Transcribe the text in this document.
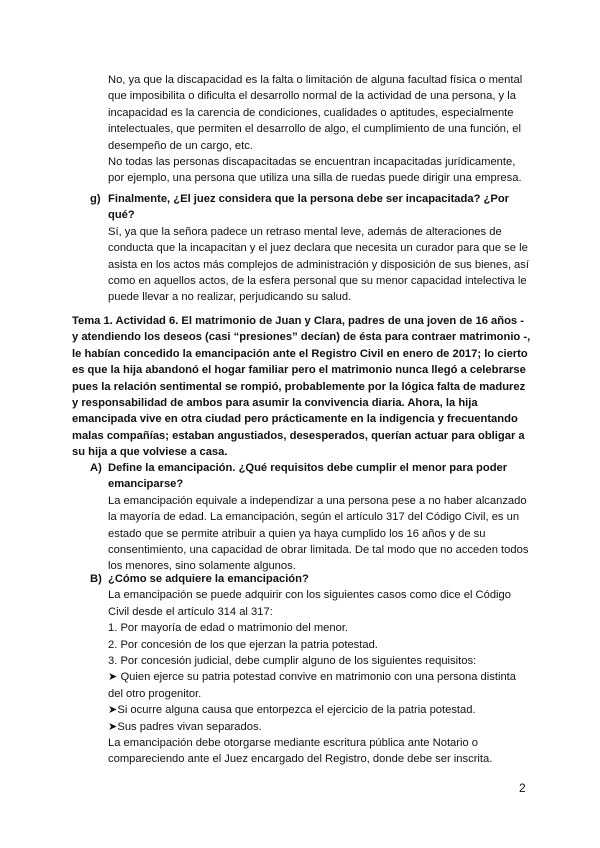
No, ya que la discapacidad es la falta o limitación de alguna facultad física o mental
que imposibilita o dificulta el desarrollo normal de la actividad de una persona, y la
incapacidad es la carencia de condiciones, cualidades o aptitudes, especialmente
intelectuales, que permiten el desarrollo de algo, el cumplimiento de una función, el
desempeño de un cargo, etc.
No todas las personas discapacitadas se encuentran incapacitadas jurídicamente,
por ejemplo, una persona que utiliza una silla de ruedas puede dirigir una empresa.
g) Finalmente, ¿El juez considera que la persona debe ser incapacitada? ¿Por
qué?
Sí, ya que la señora padece un retraso mental leve, además de alteraciones de
conducta que la incapacitan y el juez declara que necesita un curador para que se le
asista en los actos más complejos de administración y disposición de sus bienes, así
como en aquellos actos, de la esfera personal que su menor capacidad intelectiva le
puede llevar a no realizar, perjudicando su salud.
Tema 1. Actividad 6. El matrimonio de Juan y Clara, padres de una joven de 16 años -
y atendiendo los deseos (casi “presiones” decían) de ésta para contraer matrimonio -,
le habían concedido la emancipación ante el Registro Civil en enero de 2017; lo cierto
es que la hija abandonó el hogar familiar pero el matrimonio nunca llegó a celebrarse
pues la relación sentimental se rompió, probablemente por la lógica falta de madurez
y responsabilidad de ambos para asumir la convivencia diaria. Ahora, la hija
emancipada vive en otra ciudad pero prácticamente en la indigencia y frecuentando
malas compañías; estaban angustiados, desesperados, querían actuar para obligar a
su hija a que volviese a casa.
A) Define la emancipación. ¿Qué requisitos debe cumplir el menor para poder
emanciparse?
La emancipación equivale a independizar a una persona pese a no haber alcanzado
la mayoría de edad. La emancipación, según el artículo 317 del Código Civil, es un
estado que se permite atribuir a quien ya haya cumplido los 16 años y de su
consentimiento, una capacidad de obrar limitada. De tal modo que no acceden todos
los menores, sino solamente algunos.
B) ¿Cómo se adquiere la emancipación?
La emancipación se puede adquirir con los siguientes casos como dice el Código
Civil desde el artículo 314 al 317:
1. Por mayoría de edad o matrimonio del menor.
2. Por concesión de los que ejerzan la patria potestad.
3. Por concesión judicial, debe cumplir alguno de los siguientes requisitos:
➤ Quien ejerce su patria potestad convive en matrimonio con una persona distinta
del otro progenitor.
➤Si ocurre alguna causa que entorpezca el ejercicio de la patria potestad.
➤Sus padres vivan separados.
La emancipación debe otorgarse mediante escritura pública ante Notario o
compareciendo ante el Juez encargado del Registro, donde debe ser inscrita.
2
